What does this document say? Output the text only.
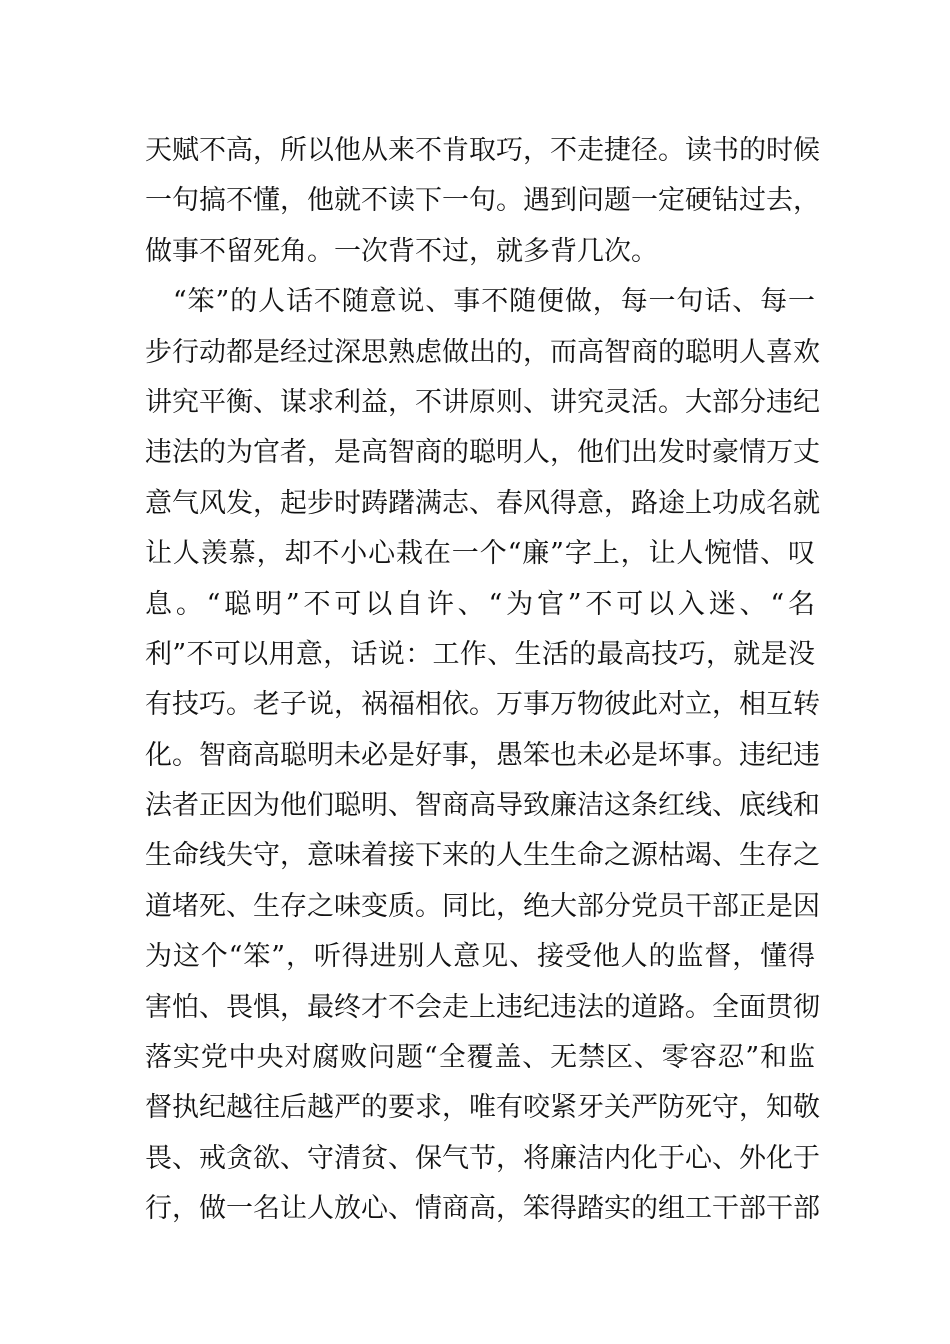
天赋不高，所以他从来不肯取巧，不走捷径。读书的时候
一句搞不懂，他就不读下一句。遇到问题一定硬钻过去，
做事不留死角。一次背不过，就多背几次。
　“笨”的人话不随意说、事不随便做，每一句话、每一
步行动都是经过深思熟虑做出的，而高智商的聪明人喜欢
讲究平衡、谋求利益，不讲原则、讲究灵活。大部分违纪
违法的为官者，是高智商的聪明人，他们出发时豪情万丈
意气风发，起步时踌躇满志、春风得意，路途上功成名就
让人羡慕，却不小心栽在一个“廉”字上，让人惋惜、叹
息。“聪明”不可以自许、“为官”不可以入迷、“名
利”不可以用意，话说：工作、生活的最高技巧，就是没
有技巧。老子说，祸福相依。万事万物彼此对立，相互转
化。智商高聪明未必是好事，愚笨也未必是坏事。违纪违
法者正因为他们聪明、智商高导致廉洁这条红线、底线和
生命线失守，意味着接下来的人生生命之源枯竭、生存之
道堵死、生存之味变质。同比，绝大部分党员干部正是因
为这个“笨”，听得进别人意见、接受他人的监督，懂得
害怕、畏惧，最终才不会走上违纪违法的道路。全面贯彻
落实党中央对腐败问题“全覆盖、无禁区、零容忍”和监
督执纪越往后越严的要求，唯有咬紧牙关严防死守，知敬
畏、戒贪欲、守清贫、保气节，将廉洁内化于心、外化于
行，做一名让人放心、情商高，笨得踏实的组工干部干部
